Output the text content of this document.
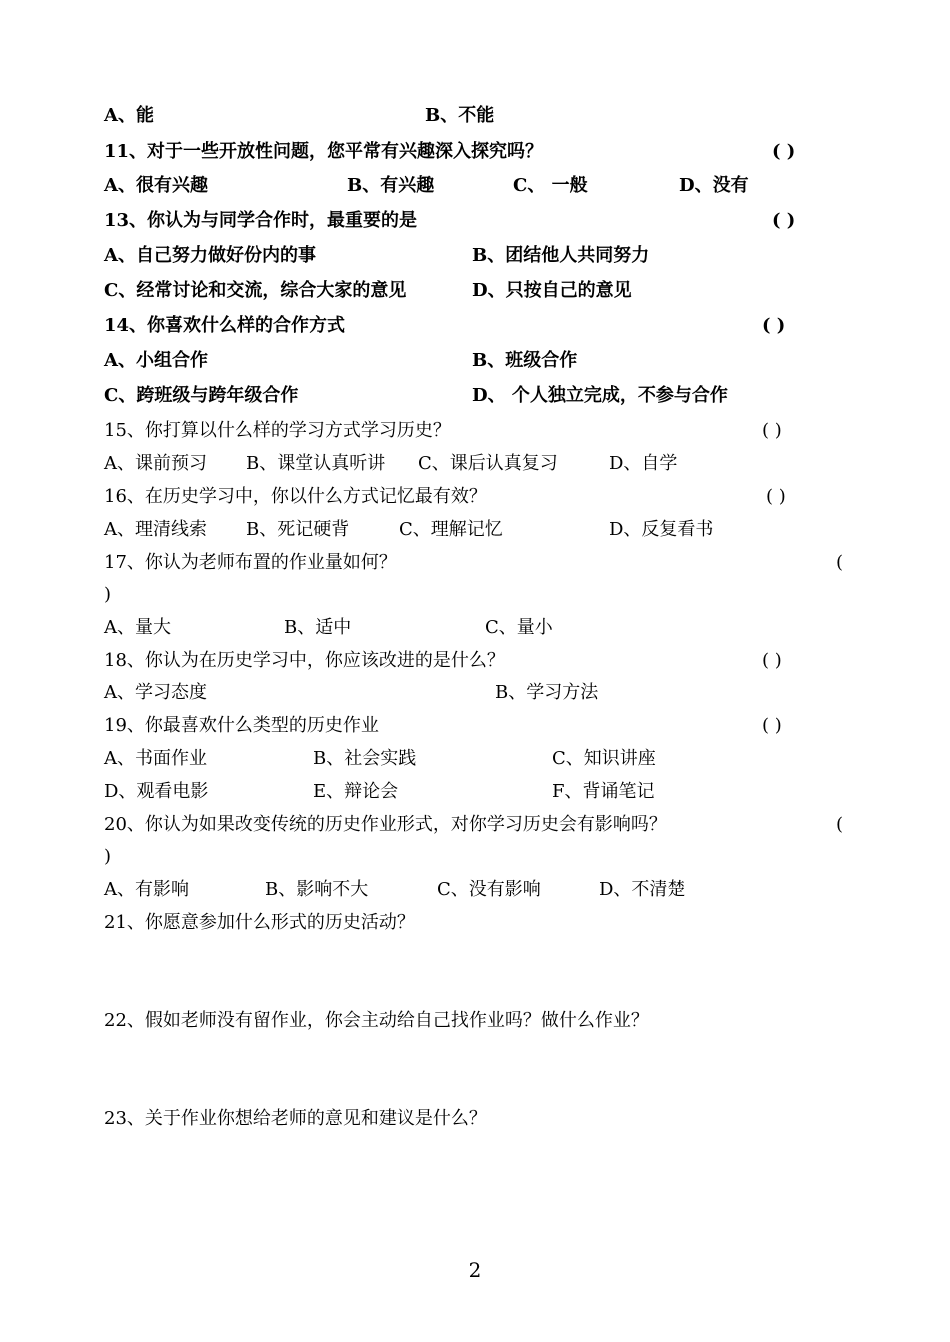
A、能	B、不能
11、对于一些开放性问题，您平常有兴趣深入探究吗？	( )
A、很有兴趣	B、有兴趣	C、 一般	D、没有
13、你认为与同学合作时，最重要的是	( )
A、自己努力做好份内的事	B、团结他人共同努力
C、经常讨论和交流，综合大家的意见	D、只按自己的意见
14、你喜欢什么样的合作方式	( )
A、小组合作	B、班级合作
C、跨班级与跨年级合作	D、 个人独立完成，不参与合作
15、你打算以什么样的学习方式学习历史？	( )
A、课前预习 B、课堂认真听讲 C、课后认真复习	D、自学
16、在历史学习中，你以什么方式记忆最有效？	( )
A、理清线索 B、死记硬背	C、理解记忆	D、反复看书
17、你认为老师布置的作业量如何？	(
)
A、量大	B、适中	C、量小
18、你认为在历史学习中，你应该改进的是什么？	( )
A、学习态度	B、学习方法
19、你最喜欢什么类型的历史作业	( )
A、书面作业	B、社会实践	C、知识讲座
D、观看电影	E、辩论会	F、背诵笔记
20、你认为如果改变传统的历史作业形式，对你学习历史会有影响吗？	(
)
A、有影响	B、影响不大	C、没有影响	D、不清楚
21、你愿意参加什么形式的历史活动？
22、假如老师没有留作业，你会主动给自己找作业吗？做什么作业？
23、关于作业你想给老师的意见和建议是什么？
2
